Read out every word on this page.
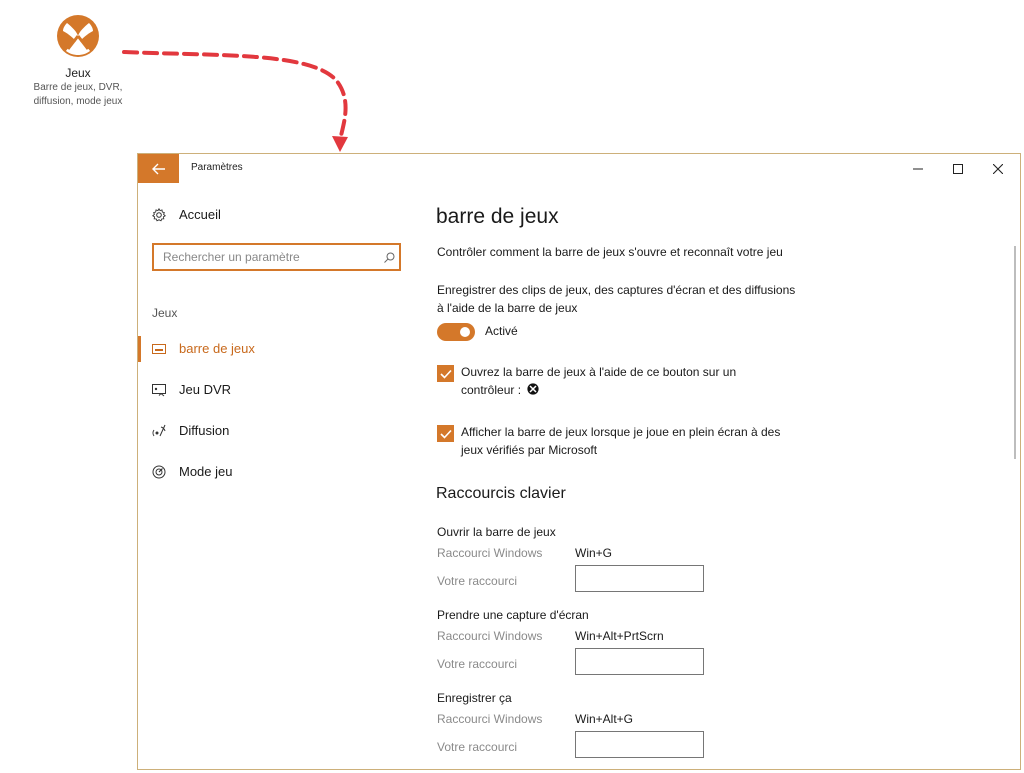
Jeux
Barre de jeux, DVR,
diffusion, mode jeux
Paramètres
Accueil
Rechercher un paramètre
Jeux
barre de jeux
Jeu DVR
Diffusion
Mode jeu
barre de jeux
Contrôler comment la barre de jeux s'ouvre et reconnaît votre jeu
Enregistrer des clips de jeux, des captures d'écran et des diffusions
à l'aide de la barre de jeux
Activé
Ouvrez la barre de jeux à l'aide de ce bouton sur un
contrôleur :
Afficher la barre de jeux lorsque je joue en plein écran à des
jeux vérifiés par Microsoft
Raccourcis clavier
Ouvrir la barre de jeux
Raccourci Windows	Win+G
Votre raccourci
Prendre une capture d'écran
Raccourci Windows	Win+Alt+PrtScrn
Votre raccourci
Enregistrer ça
Raccourci Windows	Win+Alt+G
Votre raccourci
